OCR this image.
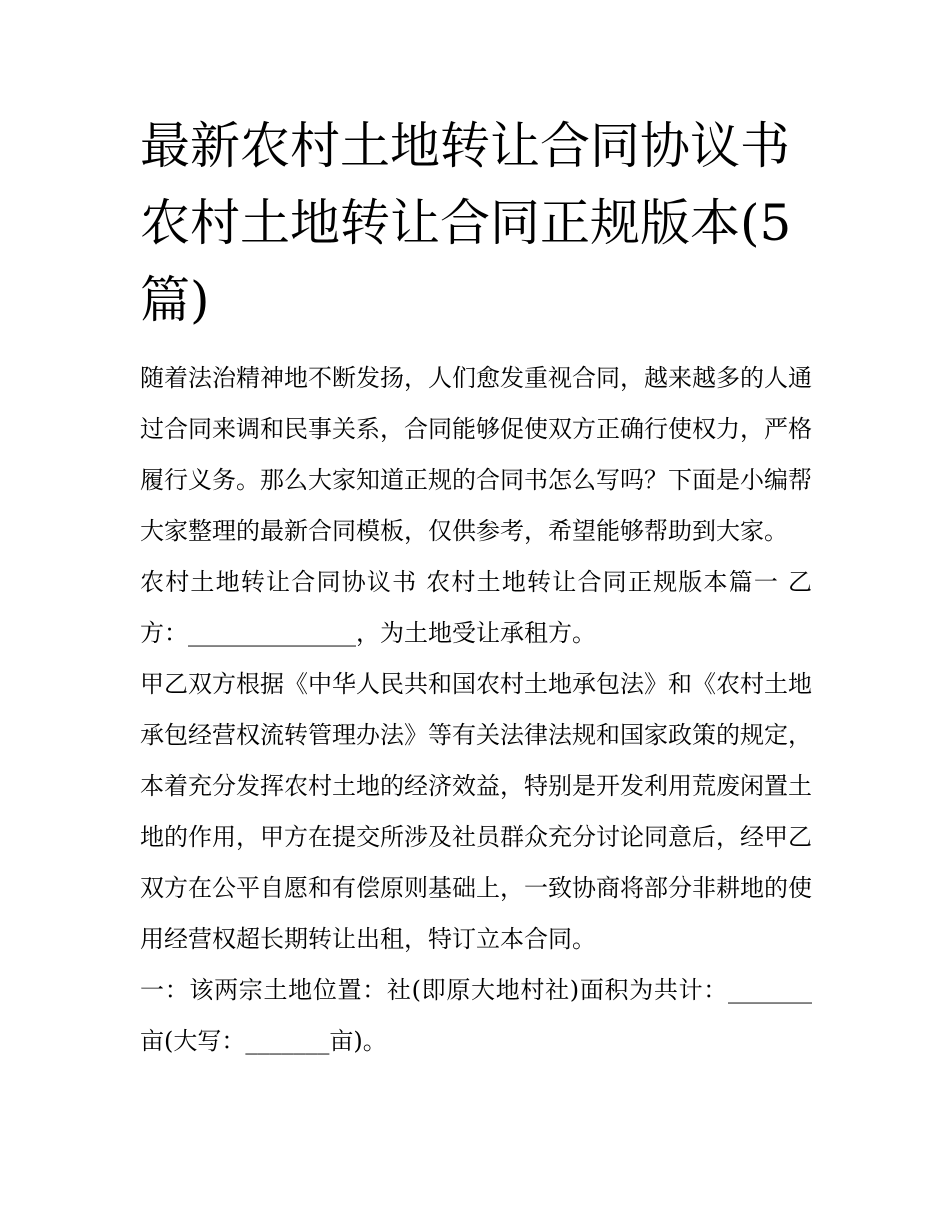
最新农村土地转让合同协议书 农村土地转让合同正规版本(5篇)

随着法治精神地不断发扬，人们愈发重视合同，越来越多的人通过合同来调和民事关系，合同能够促使双方正确行使权力，严格履行义务。那么大家知道正规的合同书怎么写吗？下面是小编帮大家整理的最新合同模板，仅供参考，希望能够帮助到大家。

农村土地转让合同协议书 农村土地转让合同正规版本篇一 乙方：______________，为土地受让承租方。

甲乙双方根据《中华人民共和国农村土地承包法》和《农村土地承包经营权流转管理办法》等有关法律法规和国家政策的规定，本着充分发挥农村土地的经济效益，特别是开发利用荒废闲置土地的作用，甲方在提交所涉及社员群众充分讨论同意后，经甲乙双方在公平自愿和有偿原则基础上，一致协商将部分非耕地的使用经营权超长期转让出租，特订立本合同。

一：该两宗土地位置：社(即原大地村社)面积为共计：_______亩(大写：_______亩)。
